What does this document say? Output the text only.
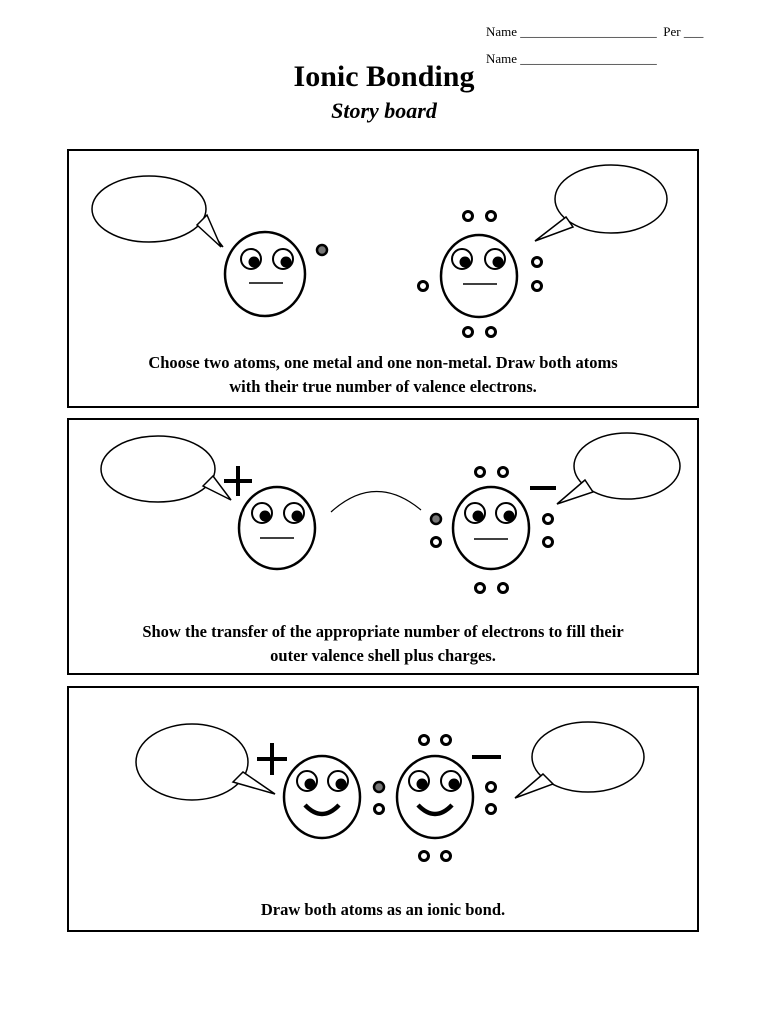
Name _____________________  Per ___
Name _____________________
Ionic Bonding
Story board
Choose two atoms, one metal and one non-metal. Draw both atoms
with their true number of valence electrons.
Show the transfer of the appropriate number of electrons to fill their
outer valence shell plus charges.
Draw both atoms as an ionic bond.
